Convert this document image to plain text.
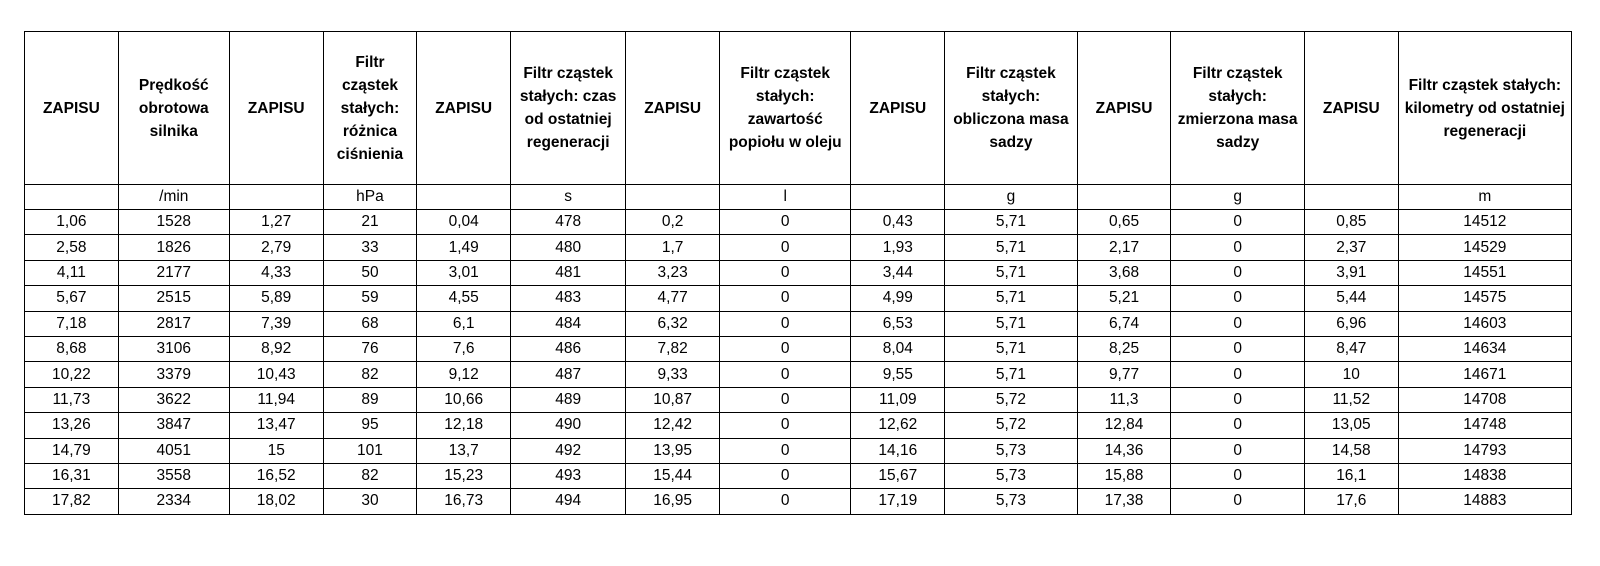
ZAPISU	Prędkość obrotowa silnika	ZAPISU	Filtr cząstek stałych: różnica ciśnienia	ZAPISU	Filtr cząstek stałych: czas od ostatniej regeneracji	ZAPISU	Filtr cząstek stałych: zawartość popiołu w oleju	ZAPISU	Filtr cząstek stałych: obliczona masa sadzy	ZAPISU	Filtr cząstek stałych: zmierzona masa sadzy	ZAPISU	Filtr cząstek stałych: kilometry od ostatniej regeneracji
	/min		hPa		s		l		g		g		m
1,06	1528	1,27	21	0,04	478	0,2	0	0,43	5,71	0,65	0	0,85	14512
2,58	1826	2,79	33	1,49	480	1,7	0	1,93	5,71	2,17	0	2,37	14529
4,11	2177	4,33	50	3,01	481	3,23	0	3,44	5,71	3,68	0	3,91	14551
5,67	2515	5,89	59	4,55	483	4,77	0	4,99	5,71	5,21	0	5,44	14575
7,18	2817	7,39	68	6,1	484	6,32	0	6,53	5,71	6,74	0	6,96	14603
8,68	3106	8,92	76	7,6	486	7,82	0	8,04	5,71	8,25	0	8,47	14634
10,22	3379	10,43	82	9,12	487	9,33	0	9,55	5,71	9,77	0	10	14671
11,73	3622	11,94	89	10,66	489	10,87	0	11,09	5,72	11,3	0	11,52	14708
13,26	3847	13,47	95	12,18	490	12,42	0	12,62	5,72	12,84	0	13,05	14748
14,79	4051	15	101	13,7	492	13,95	0	14,16	5,73	14,36	0	14,58	14793
16,31	3558	16,52	82	15,23	493	15,44	0	15,67	5,73	15,88	0	16,1	14838
17,82	2334	18,02	30	16,73	494	16,95	0	17,19	5,73	17,38	0	17,6	14883
